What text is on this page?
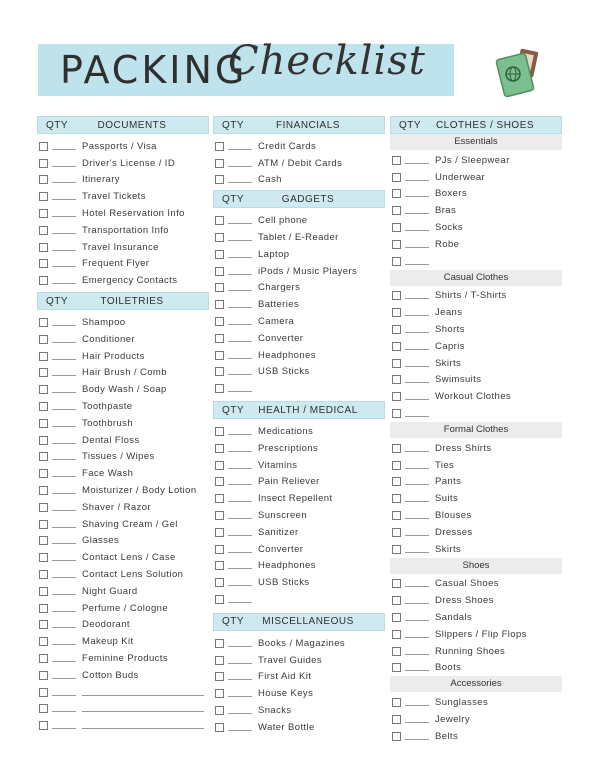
PACKING
Checklist
QTY	DOCUMENTS
Passports / Visa
Driver's License / ID
Itinerary
Travel Tickets
Hotel Reservation Info
Transportation Info
Travel Insurance
Frequent Flyer
Emergency Contacts
QTY	TOILETRIES
Shampoo
Conditioner
Hair Products
Hair Brush / Comb
Body Wash / Soap
Toothpaste
Toothbrush
Dental Floss
Tissues / Wipes
Face Wash
Moisturizer / Body Lotion
Shaver / Razor
Shaving Cream / Gel
Glasses
Contact Lens / Case
Contact Lens Solution
Night Guard
Perfume / Cologne
Deodorant
Makeup Kit
Feminine Products
Cotton Buds
QTY	FINANCIALS
Credit Cards
ATM / Debit Cards
Cash
QTY	GADGETS
Cell phone
Tablet / E-Reader
Laptop
iPods / Music Players
Chargers
Batteries
Camera
Converter
Headphones
USB Sticks
QTY	HEALTH / MEDICAL
Medications
Prescriptions
Vitamins
Pain Reliever
Insect Repellent
Sunscreen
Sanitizer
Converter
Headphones
USB Sticks
QTY	MISCELLANEOUS
Books / Magazines
Travel Guides
First Aid Kit
House Keys
Snacks
Water Bottle
QTY	CLOTHES / SHOES
Essentials
PJs / Sleepwear
Underwear
Boxers
Bras
Socks
Robe
Casual Clothes
Shirts / T-Shirts
Jeans
Shorts
Capris
Skirts
Swimsuits
Workout Clothes
Formal Clothes
Dress Shirts
Ties
Pants
Suits
Blouses
Dresses
Skirts
Shoes
Casual Shoes
Dress Shoes
Sandals
Slippers / Flip Flops
Running Shoes
Boots
Accessories
Sunglasses
Jewelry
Belts
